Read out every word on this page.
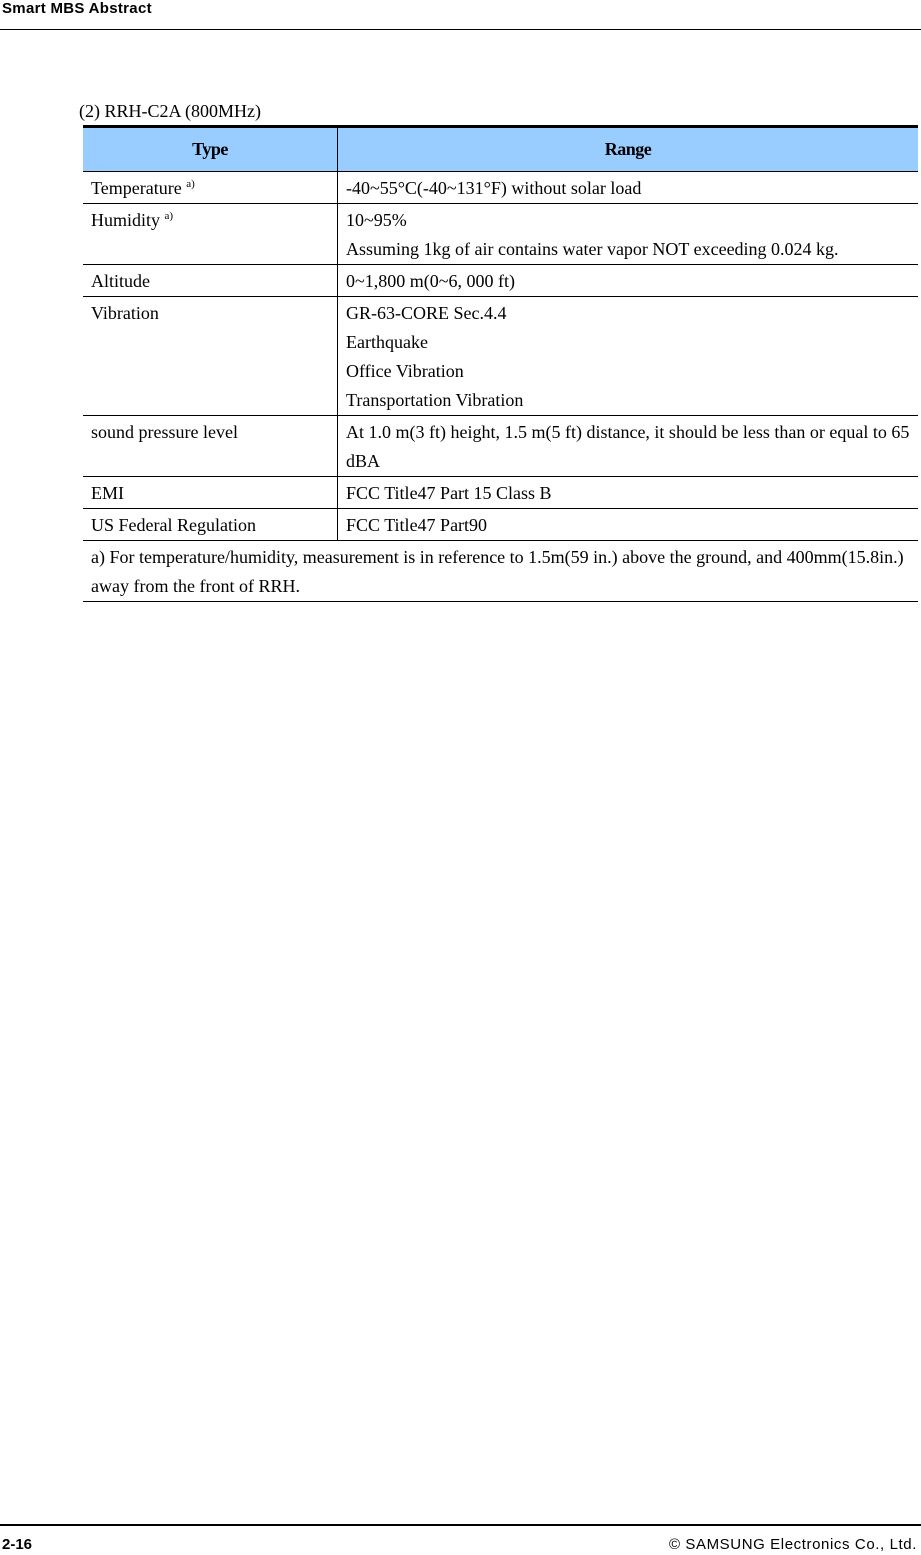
Smart MBS Abstract
(2) RRH-C2A (800MHz)
Type	Range
Temperature $^{a)}$	-40~55°C(-40~131°F) without solar load

Humidity $^{a)}$	10~95%
Assuming 1kg of air contains water vapor NOT exceeding 0.024 kg.

Altitude	0~1,800 m(0~6, 000 ft)

Vibration	GR-63-CORE Sec.4.4
Earthquake
Office Vibration
Transportation Vibration

sound pressure level	At 1.0 m(3 ft) height, 1.5 m(5 ft) distance, it should be less than or equal to 65 dBA

EMI	FCC Title47 Part 15 Class B

US Federal Regulation	FCC Title47 Part90

a) For temperature/humidity, measurement is in reference to 1.5m(59 in.) above the ground, and 400mm(15.8in.) away from the front of RRH.	
2-16	© SAMSUNG Electronics Co., Ltd.
